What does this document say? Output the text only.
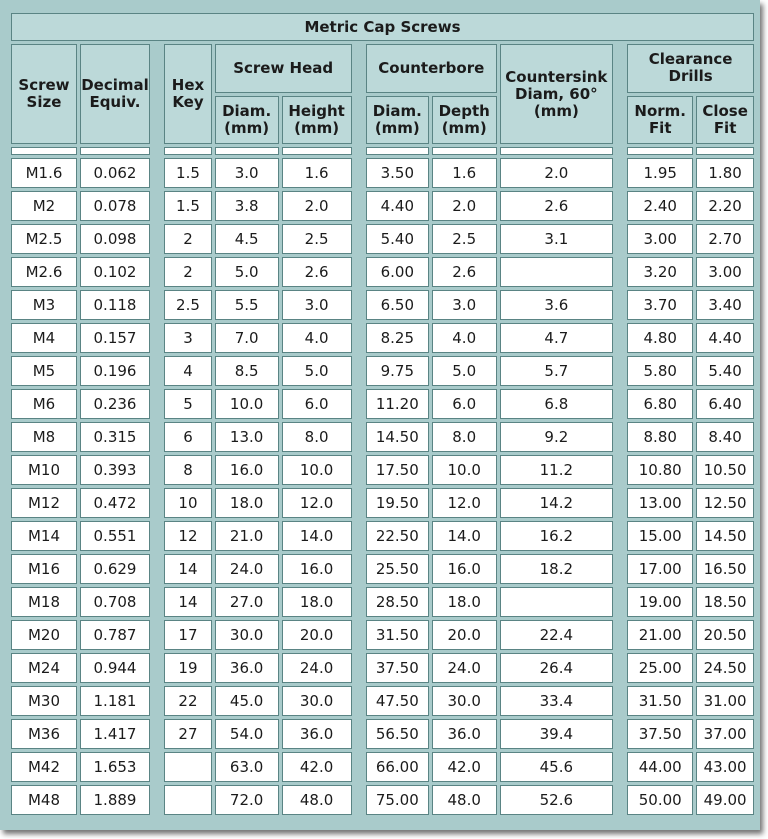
Metric Cap Screws												
Screw Size	Decimal Equiv.		Hex Key	Screw Head			Counterbore		Countersink Diam, 60° (mm)		Clearance Drills	
				Diam. (mm)	Height (mm)		Diam. (mm)	Depth (mm)			Norm. Fit	Close Fit

M1.6	0.062		1.5	3.0	1.6		3.50	1.6	2.0		1.95	1.80
M2	0.078		1.5	3.8	2.0		4.40	2.0	2.6		2.40	2.20
M2.5	0.098		2	4.5	2.5		5.40	2.5	3.1		3.00	2.70
M2.6	0.102		2	5.0	2.6		6.00	2.6			3.20	3.00
M3	0.118		2.5	5.5	3.0		6.50	3.0	3.6		3.70	3.40
M4	0.157		3	7.0	4.0		8.25	4.0	4.7		4.80	4.40
M5	0.196		4	8.5	5.0		9.75	5.0	5.7		5.80	5.40
M6	0.236		5	10.0	6.0		11.20	6.0	6.8		6.80	6.40
M8	0.315		6	13.0	8.0		14.50	8.0	9.2		8.80	8.40
M10	0.393		8	16.0	10.0		17.50	10.0	11.2		10.80	10.50
M12	0.472		10	18.0	12.0		19.50	12.0	14.2		13.00	12.50
M14	0.551		12	21.0	14.0		22.50	14.0	16.2		15.00	14.50
M16	0.629		14	24.0	16.0		25.50	16.0	18.2		17.00	16.50
M18	0.708		14	27.0	18.0		28.50	18.0			19.00	18.50
M20	0.787		17	30.0	20.0		31.50	20.0	22.4		21.00	20.50
M24	0.944		19	36.0	24.0		37.50	24.0	26.4		25.00	24.50
M30	1.181		22	45.0	30.0		47.50	30.0	33.4		31.50	31.00
M36	1.417		27	54.0	36.0		56.50	36.0	39.4		37.50	37.00
M42	1.653			63.0	42.0		66.00	42.0	45.6		44.00	43.00
M48	1.889			72.0	48.0		75.00	48.0	52.6		50.00	49.00
